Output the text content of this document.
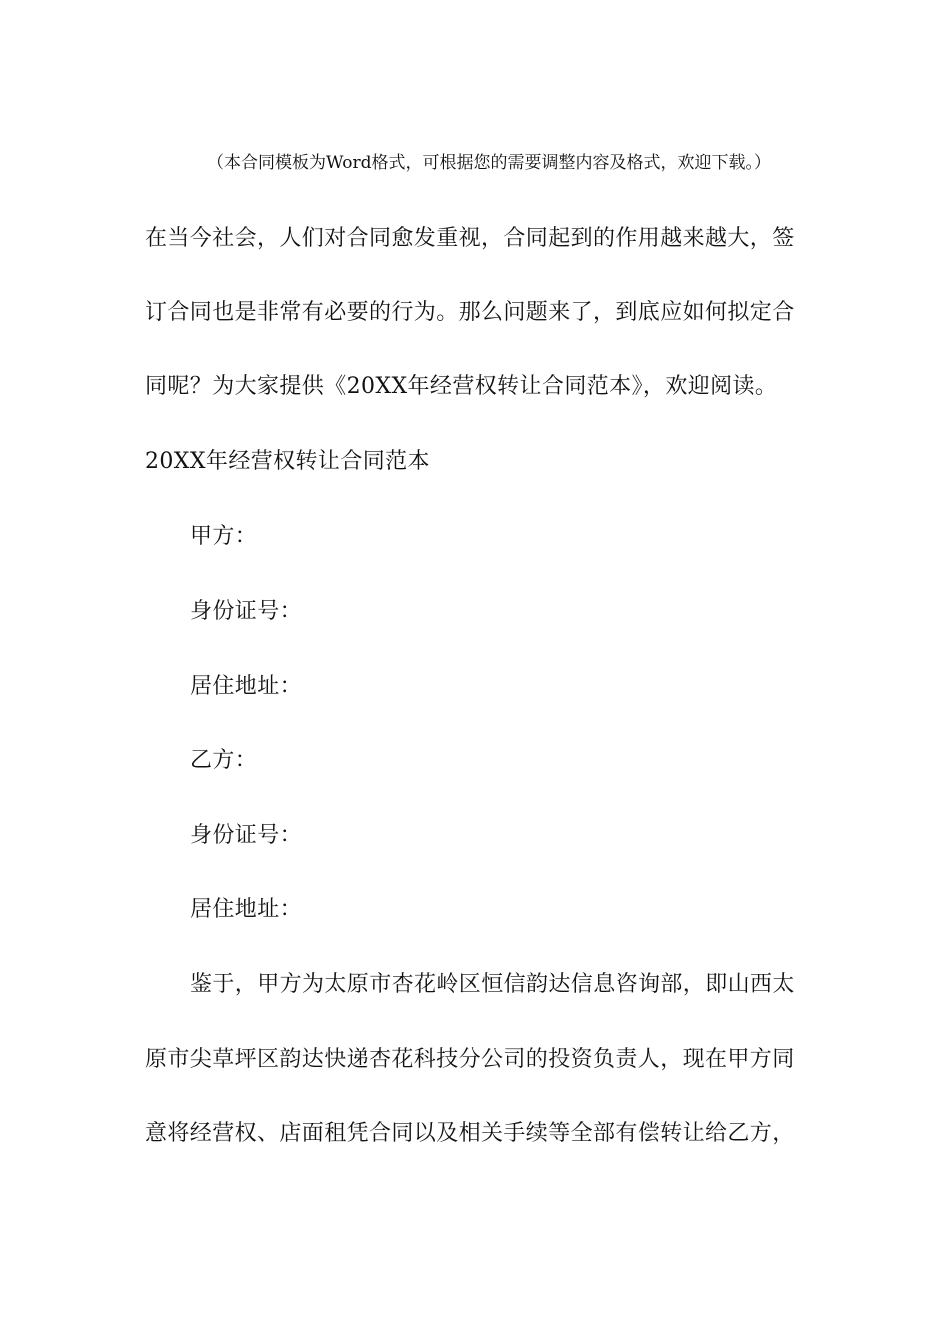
（本合同模板为Word格式，可根据您的需要调整内容及格式，欢迎下载。）
在当今社会，人们对合同愈发重视，合同起到的作用越来越大，签
订合同也是非常有必要的行为。那么问题来了，到底应如何拟定合
同呢？为大家提供《20XX年经营权转让合同范本》，欢迎阅读。
20XX年经营权转让合同范本
甲方：
身份证号：
居住地址：
乙方：
身份证号：
居住地址：
鉴于，甲方为太原市杏花岭区恒信韵达信息咨询部，即山西太
原市尖草坪区韵达快递杏花科技分公司的投资负责人，现在甲方同
意将经营权、店面租凭合同以及相关手续等全部有偿转让给乙方，
